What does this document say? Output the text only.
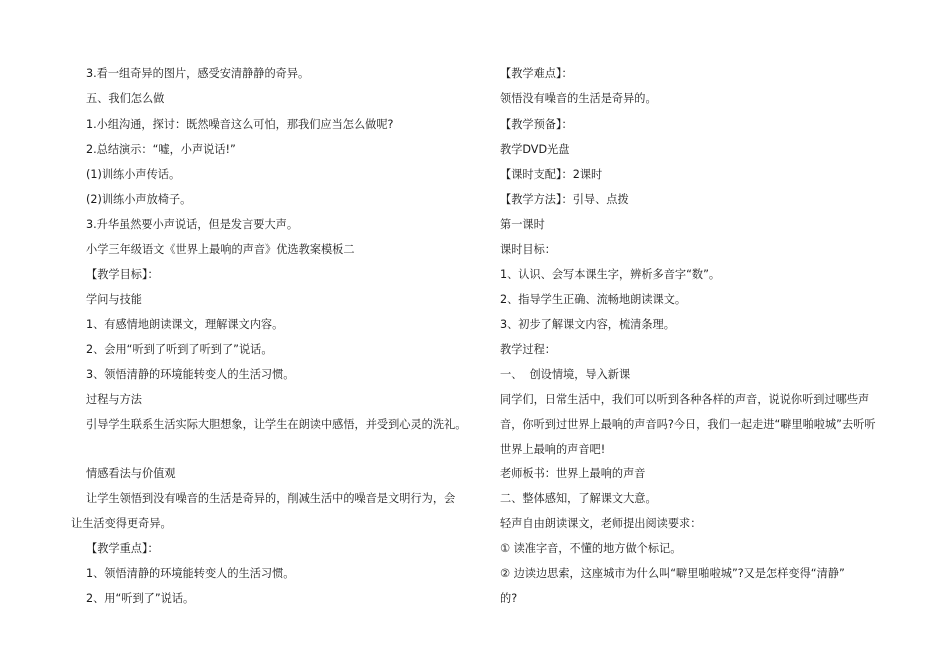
3.看一组奇异的图片，感受安清静静的奇异。
五、我们怎么做
1.小组沟通，探讨：既然噪音这么可怕，那我们应当怎么做呢?
2.总结演示：“嘘，小声说话!”
(1)训练小声传话。
(2)训练小声放椅子。
3.升华虽然要小声说话，但是发言要大声。
小学三年级语文《世界上最响的声音》优选教案模板二
【教学目标】：
学问与技能
1、有感情地朗读课文，理解课文内容。
2、会用“听到了听到了听到了”说话。
3、领悟清静的环境能转变人的生活习惯。
过程与方法
引导学生联系生活实际大胆想象，让学生在朗读中感悟，并受到心灵的洗礼。
情感看法与价值观
让学生领悟到没有噪音的生活是奇异的，削减生活中的噪音是文明行为，会
让生活变得更奇异。
【教学重点】：
1、领悟清静的环境能转变人的生活习惯。
2、用“听到了”说话。
【教学难点】：
领悟没有噪音的生活是奇异的。
【教学预备】：
教学DVD光盘
【课时支配】：2课时
【教学方法】：引导、点拨
第一课时
课时目标：
1、认识、会写本课生字，辨析多音字“数”。
2、指导学生正确、流畅地朗读课文。
3、初步了解课文内容，梳清条理。
教学过程：
一、  创设情境，导入新课
同学们，日常生活中，我们可以听到各种各样的声音，说说你听到过哪些声
音，你听到过世界上最响的声音吗?今日，我们一起走进“噼里啪啦城”去听听
世界上最响的声音吧!
老师板书：世界上最响的声音
二、整体感知，了解课文大意。
轻声自由朗读课文，老师提出阅读要求：
① 读准字音，不懂的地方做个标记。
② 边读边思索，这座城市为什么叫“噼里啪啦城”?又是怎样变得“清静”
的?
